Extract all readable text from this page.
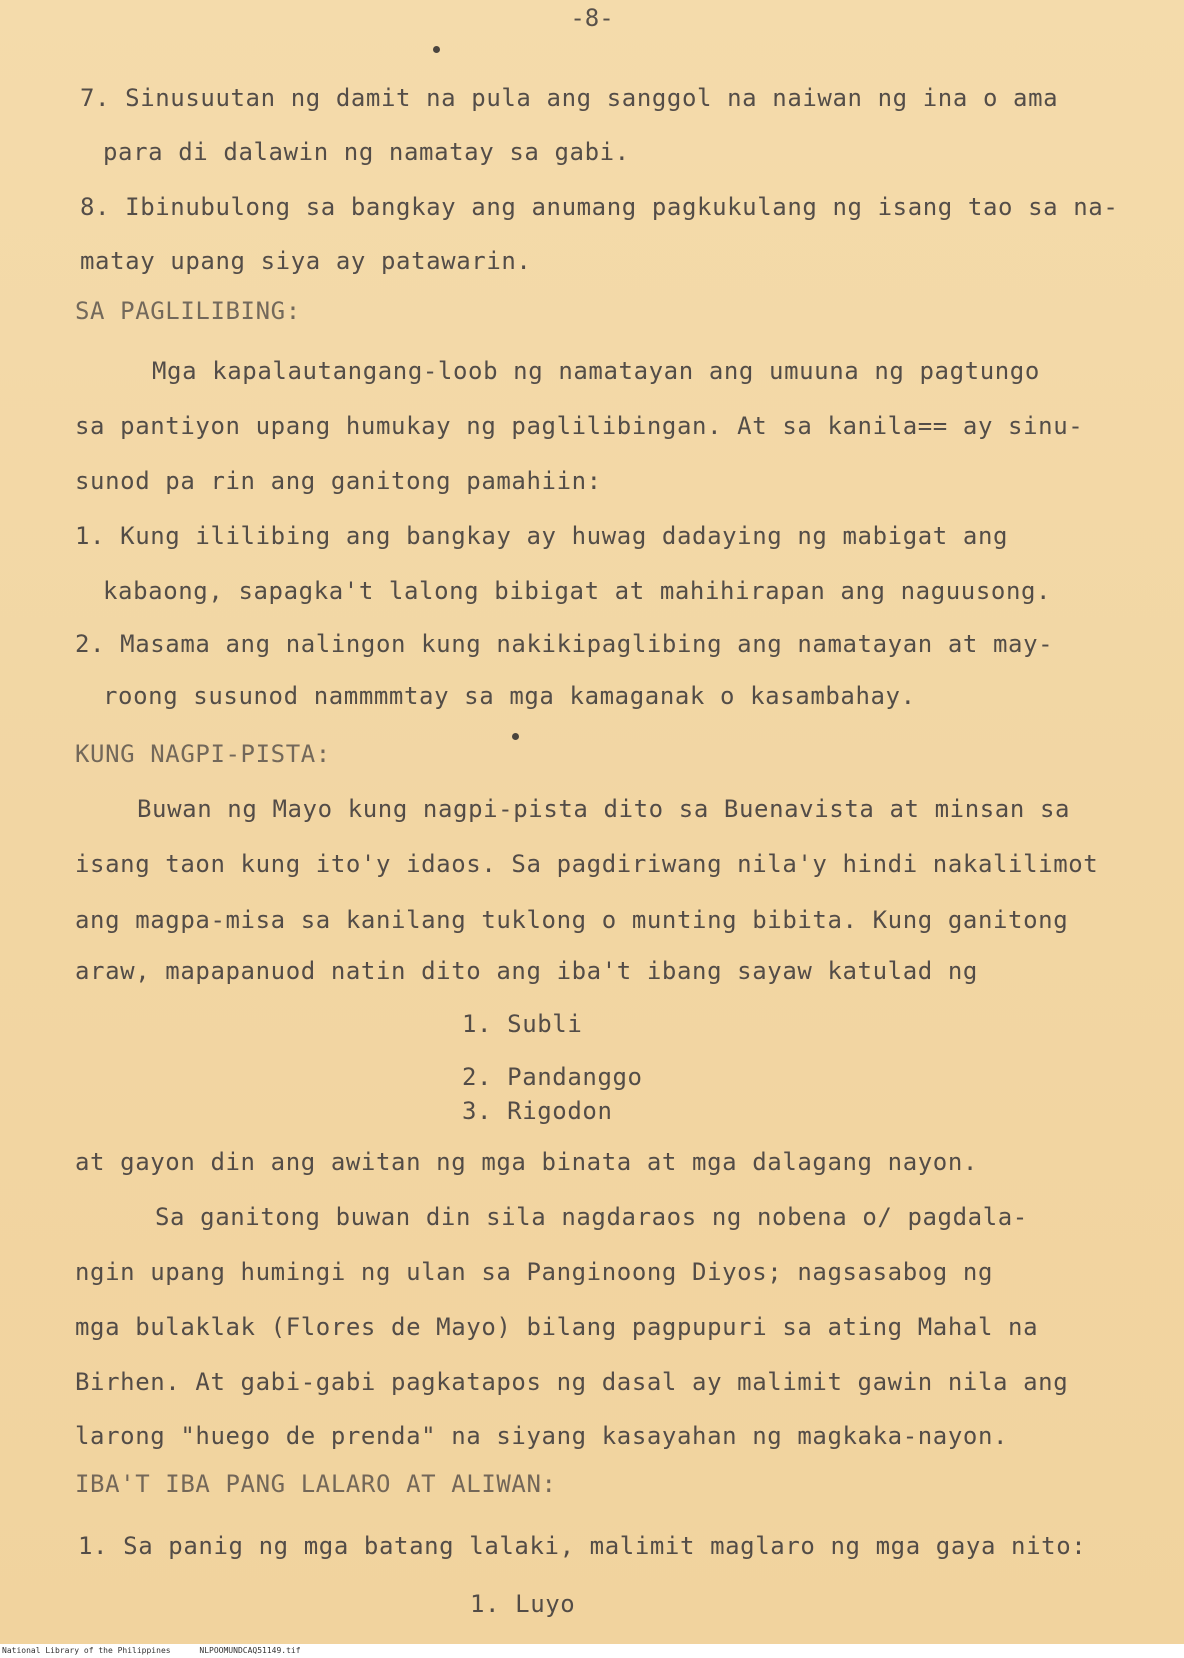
-8-
7. Sinusuutan ng damit na pula ang sanggol na naiwan ng ina o ama
para di dalawin ng namatay sa gabi.
8. Ibinubulong sa bangkay ang anumang pagkukulang ng isang tao sa na-
matay upang siya ay patawarin.
SA PAGLILIBING:
Mga kapalautangang-loob ng namatayan ang umuuna ng pagtungo
sa pantiyon upang humukay ng paglilibingan. At sa kanila== ay sinu-
sunod pa rin ang ganitong pamahiin:
1. Kung ililibing ang bangkay ay huwag dadaying ng mabigat ang
kabaong, sapagka't lalong bibigat at mahihirapan ang naguusong.
2. Masama ang nalingon kung nakikipaglibing ang namatayan at may-
roong susunod nammmmtay sa mga kamaganak o kasambahay.
KUNG NAGPI-PISTA:
Buwan ng Mayo kung nagpi-pista dito sa Buenavista at minsan sa
isang taon kung ito'y idaos. Sa pagdiriwang nila'y hindi nakalilimot
ang magpa-misa sa kanilang tuklong o munting bibita. Kung ganitong
araw, mapapanuod natin dito ang iba't ibang sayaw katulad ng
1. Subli
2. Pandanggo
3. Rigodon
at gayon din ang awitan ng mga binata at mga dalagang nayon.
Sa ganitong buwan din sila nagdaraos ng nobena o/ pagdala-
ngin upang humingi ng ulan sa Panginoong Diyos; nagsasabog ng
mga bulaklak (Flores de Mayo) bilang pagpupuri sa ating Mahal na
Birhen. At gabi-gabi pagkatapos ng dasal ay malimit gawin nila ang
larong "huego de prenda" na siyang kasayahan ng magkaka-nayon.
IBA'T IBA PANG LALARO AT ALIWAN:
1. Sa panig ng mga batang lalaki, malimit maglaro ng mga gaya nito:
1. Luyo
National Library of the Philippines	NLPOOMUNDCAQ51149.tif
